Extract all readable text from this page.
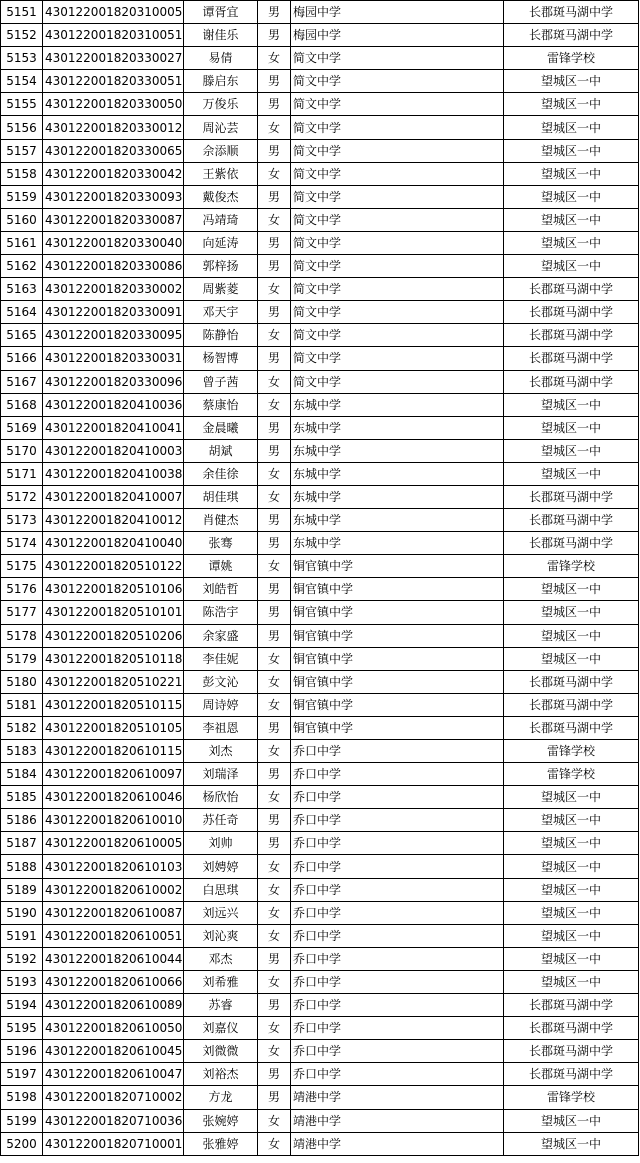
5151	430122001820310005	谭胥宜	男	梅园中学	长郡斑马湖中学
5152	430122001820310051	谢佳乐	男	梅园中学	长郡斑马湖中学
5153	430122001820330027	易倩	女	简文中学	雷锋学校
5154	430122001820330051	滕启东	男	简文中学	望城区一中
5155	430122001820330050	万俊乐	男	简文中学	望城区一中
5156	430122001820330012	周沁芸	女	简文中学	望城区一中
5157	430122001820330065	佘添顺	男	简文中学	望城区一中
5158	430122001820330042	王紫依	女	简文中学	望城区一中
5159	430122001820330093	戴俊杰	男	简文中学	望城区一中
5160	430122001820330087	冯靖琦	女	简文中学	望城区一中
5161	430122001820330040	向延涛	男	简文中学	望城区一中
5162	430122001820330086	郭梓扬	男	简文中学	望城区一中
5163	430122001820330002	周紫菱	女	简文中学	长郡斑马湖中学
5164	430122001820330091	邓天宇	男	简文中学	长郡斑马湖中学
5165	430122001820330095	陈静怡	女	简文中学	长郡斑马湖中学
5166	430122001820330031	杨智博	男	简文中学	长郡斑马湖中学
5167	430122001820330096	曾子茜	女	简文中学	长郡斑马湖中学
5168	430122001820410036	蔡康怡	女	东城中学	望城区一中
5169	430122001820410041	金晨曦	男	东城中学	望城区一中
5170	430122001820410003	胡斌	男	东城中学	望城区一中
5171	430122001820410038	余佳徐	女	东城中学	望城区一中
5172	430122001820410007	胡佳琪	女	东城中学	长郡斑马湖中学
5173	430122001820410012	肖健杰	男	东城中学	长郡斑马湖中学
5174	430122001820410040	张骞	男	东城中学	长郡斑马湖中学
5175	430122001820510122	谭姚	女	铜官镇中学	雷锋学校
5176	430122001820510106	刘皓哲	男	铜官镇中学	望城区一中
5177	430122001820510101	陈浩宇	男	铜官镇中学	望城区一中
5178	430122001820510206	余家盛	男	铜官镇中学	望城区一中
5179	430122001820510118	李佳妮	女	铜官镇中学	望城区一中
5180	430122001820510221	彭文沁	女	铜官镇中学	长郡斑马湖中学
5181	430122001820510115	周诗婷	女	铜官镇中学	长郡斑马湖中学
5182	430122001820510105	李祖恩	男	铜官镇中学	长郡斑马湖中学
5183	430122001820610115	刘杰	女	乔口中学	雷锋学校
5184	430122001820610097	刘瑞泽	男	乔口中学	雷锋学校
5185	430122001820610046	杨欣怡	女	乔口中学	望城区一中
5186	430122001820610010	苏任奇	男	乔口中学	望城区一中
5187	430122001820610005	刘帅	男	乔口中学	望城区一中
5188	430122001820610103	刘娉婷	女	乔口中学	望城区一中
5189	430122001820610002	白思琪	女	乔口中学	望城区一中
5190	430122001820610087	刘远兴	女	乔口中学	望城区一中
5191	430122001820610051	刘沁爽	女	乔口中学	望城区一中
5192	430122001820610044	邓杰	男	乔口中学	望城区一中
5193	430122001820610066	刘希雅	女	乔口中学	望城区一中
5194	430122001820610089	苏睿	男	乔口中学	长郡斑马湖中学
5195	430122001820610050	刘嘉仪	女	乔口中学	长郡斑马湖中学
5196	430122001820610045	刘微微	女	乔口中学	长郡斑马湖中学
5197	430122001820610047	刘裕杰	男	乔口中学	长郡斑马湖中学
5198	430122001820710002	方龙	男	靖港中学	雷锋学校
5199	430122001820710036	张婉婷	女	靖港中学	望城区一中
5200	430122001820710001	张雅婷	女	靖港中学	望城区一中
